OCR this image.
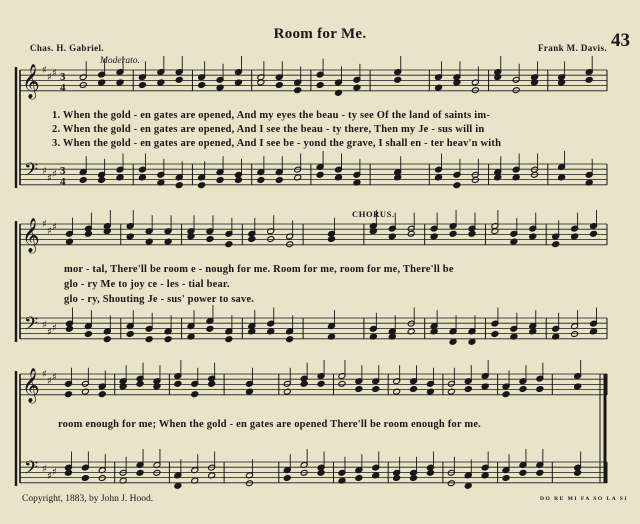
Room for Me.	43
Chas. H. Gabriel.	Frank M. Davis.
Moderato.
CHORUS.
𝄞
𝄢
♯
♯ ♯
♯
♯ ♯
3
4
3
4
𝄞
𝄢
♯
♯ ♯
♯
♯ ♯
𝄞
𝄢
♯
♯ ♯
♯
♯ ♯
1. When the gold - en gates are opened, And my eyes the beau - ty see Of the land of saints im-
2. When the gold - en gates are opened, And I see the beau - ty there, Then my Je - sus will in
3. When the gold - en gates are opened, And I see be - yond the grave, I shall en - ter heav'n with
mor - tal, There'll be room e - nough for me. Room for me, room for me, There'll be
glo - ry Me to joy ce - les - tial bear.
glo - ry, Shouting Je - sus' power to save.
room enough for me; When the gold - en gates are opened There'll be room enough for me.
Copyright, 1883, by John J. Hood.	DO RE MI FA SO LA SI
